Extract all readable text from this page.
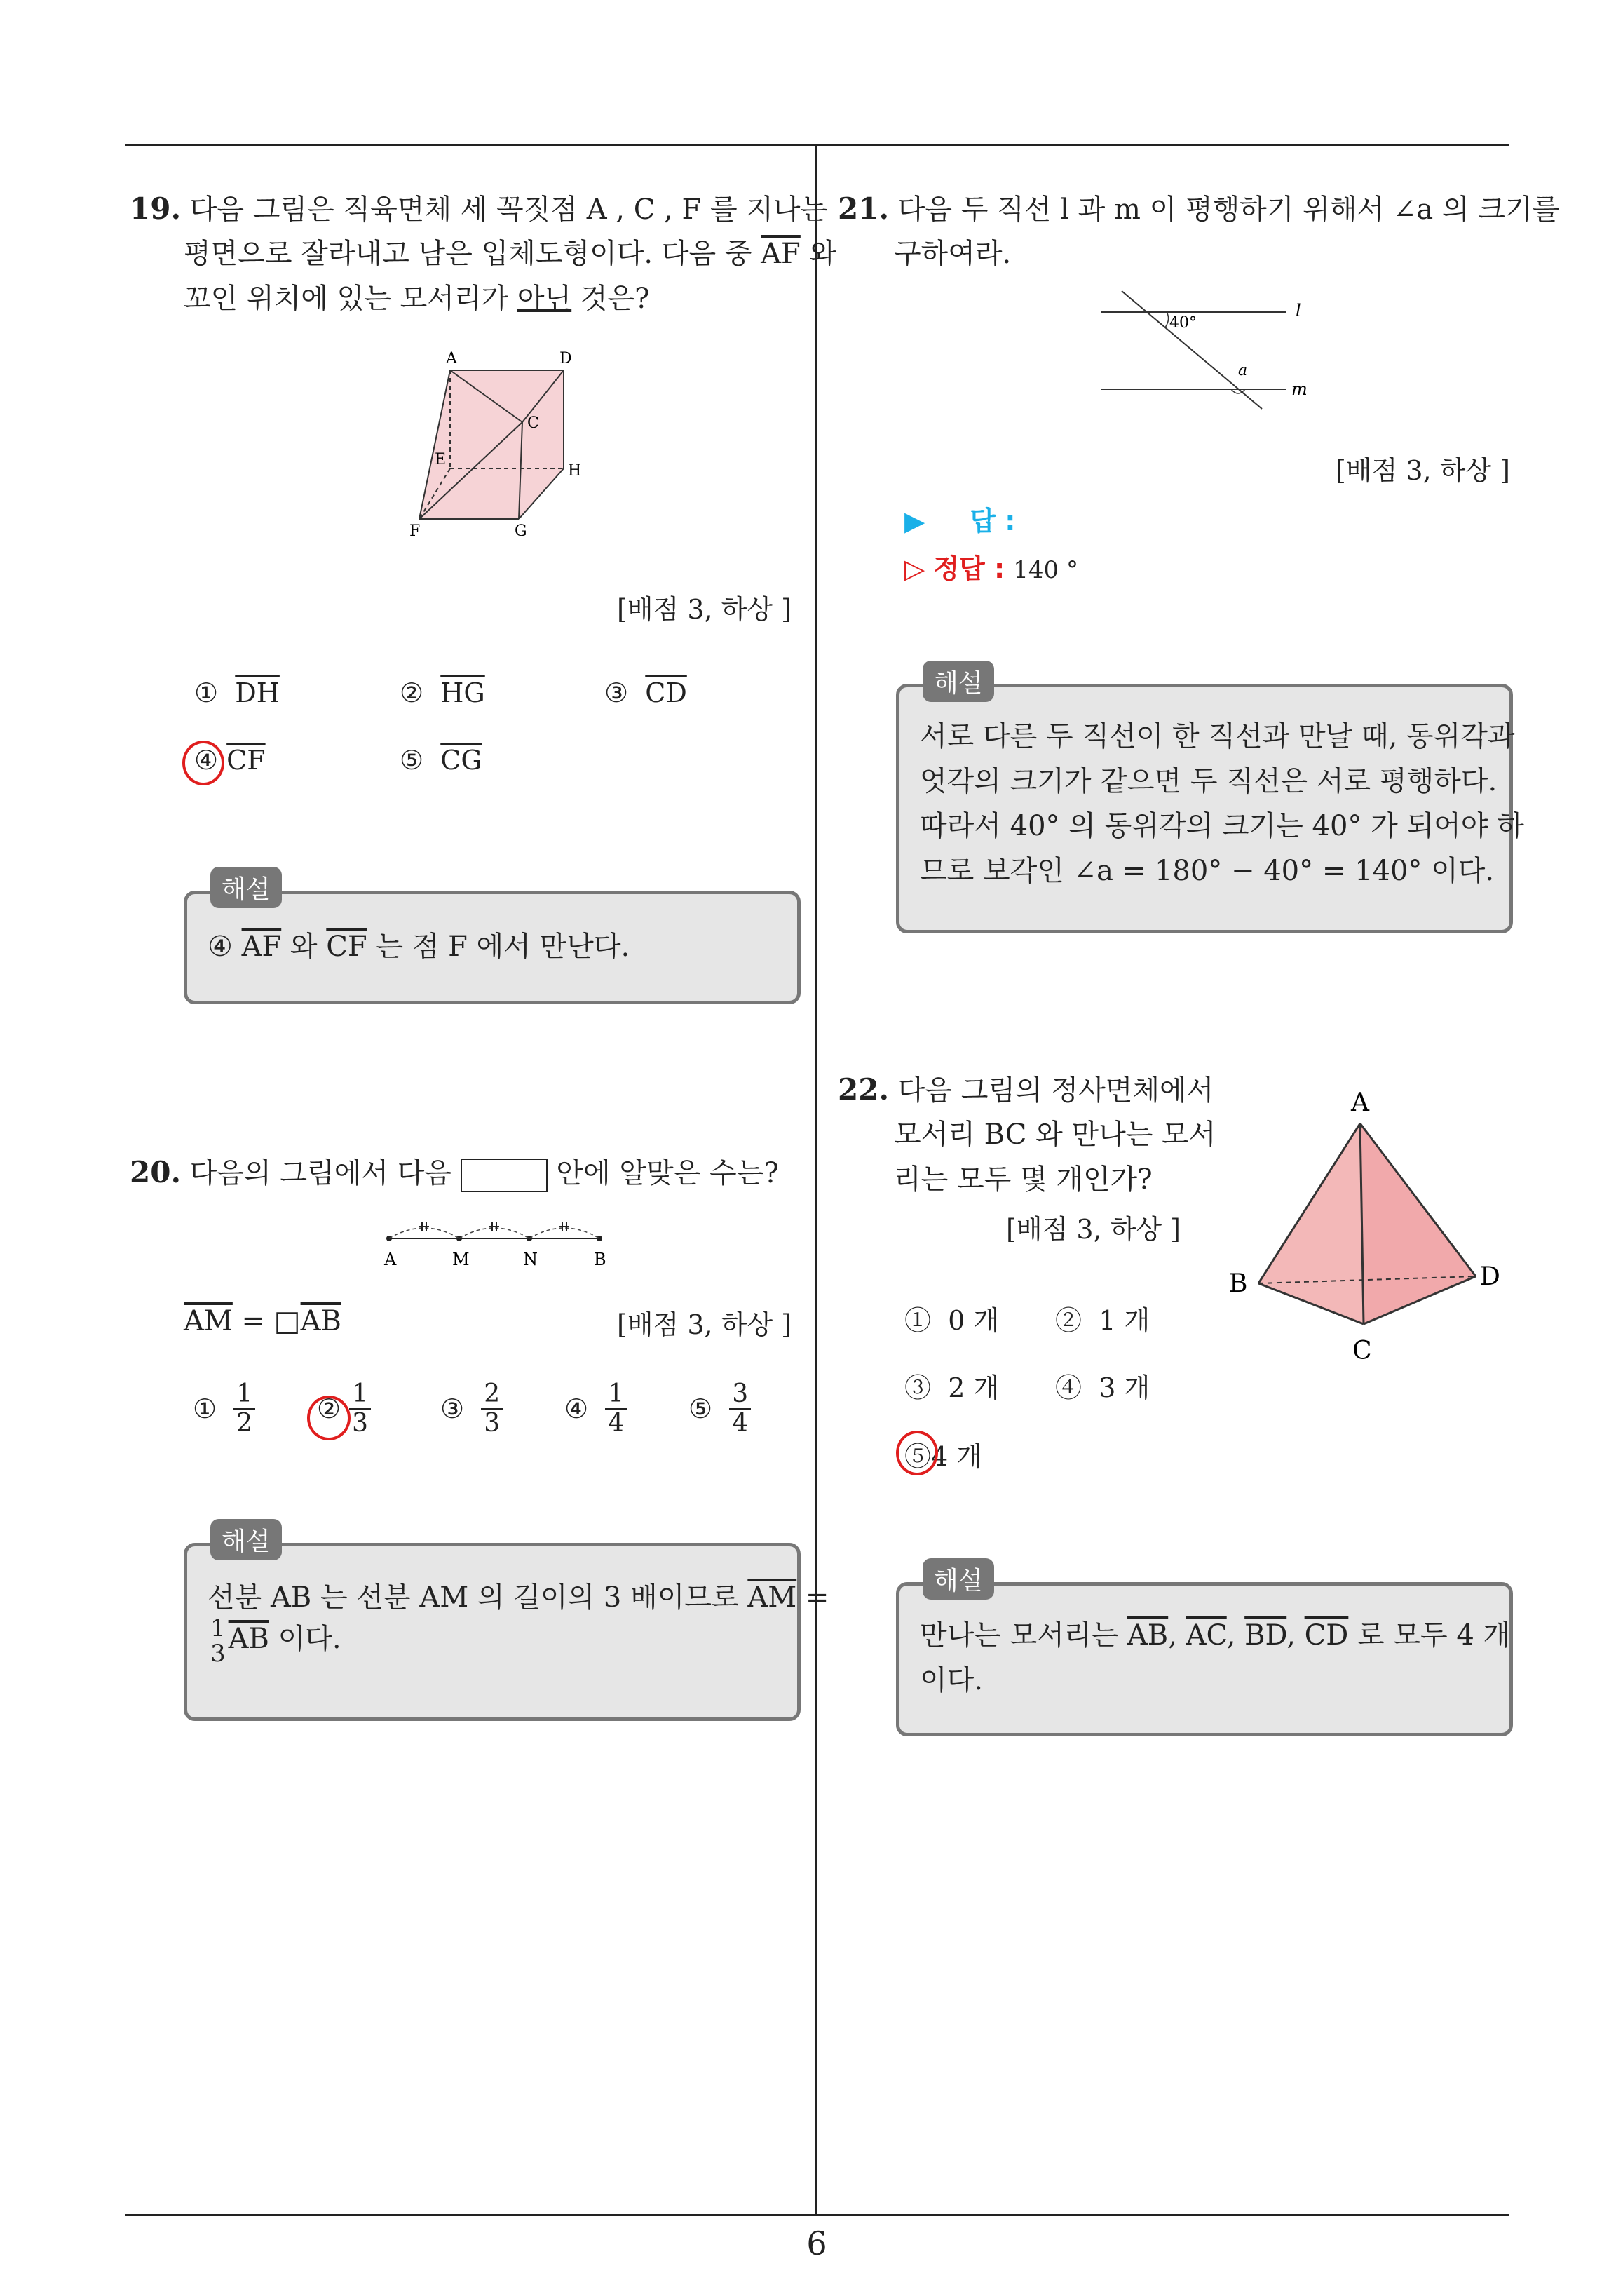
6
19. 다음 그림은 직육면체 세 꼭짓점 A , C , F 를 지나는
평면으로 잘라내고 남은 입체도형이다. 다음 중 $\overline{AF}$ 와
꼬인 위치에 있는 모서리가 아닌 것은?
A	D
C
E
H
F	G
[배점 3, 하상 ]
① $\overline{DH}$	② $\overline{HG}$	③ $\overline{CD}$
④ $\overline{CF}$	⑤ $\overline{CG}$
해설
④ $\overline{AF}$ 와 $\overline{CF}$ 는 점 F 에서 만난다.
20. 다음의 그림에서 다음	안에 알맞은 수는?
A	M	N	B
$\overline{AM}$ = $□\overline{AB}$	[배점 3, 하상 ]
① $\frac{1}{2}$ ② $\frac{1}{3}$	③ $\frac{2}{3}$ ④ $\frac{1}{4}$ ⑤ $\frac{3}{4}$
해설
선분 AB 는 선분 AM 의 길이의 3 배이므로 $\overline{AM}$ =
1
3 $\overline{AB}$ 이다.
21. 다음 두 직선 l 과 m 이 평행하기 위해서 ∠a 의 크기를
구하여라.
40°
l
a
m
[배점 3, 하상 ]
▶ 답 :
▷ 정답 : 140 °
해설
서로 다른 두 직선이 한 직선과 만날 때, 동위각과
엇각의 크기가 같으면 두 직선은 서로 평행하다.
따라서 40° 의 동위각의 크기는 40° 가 되어야 하
므로 보각인 ∠a = 180° − 40° = 140° 이다.
22. 다음 그림의 정사면체에서
모서리 BC 와 만나는 모서
리는 모두 몇 개인가?
[배점 3, 하상 ]
A
B
C
D
① 0 개 ② 1 개
③ 2 개 ④ 3 개
⑤4 개
해설
만나는 모서리는 $\overline{AB}$, $\overline{AC}$, $\overline{BD}$, $\overline{CD}$ 로 모두 4 개
이다.
